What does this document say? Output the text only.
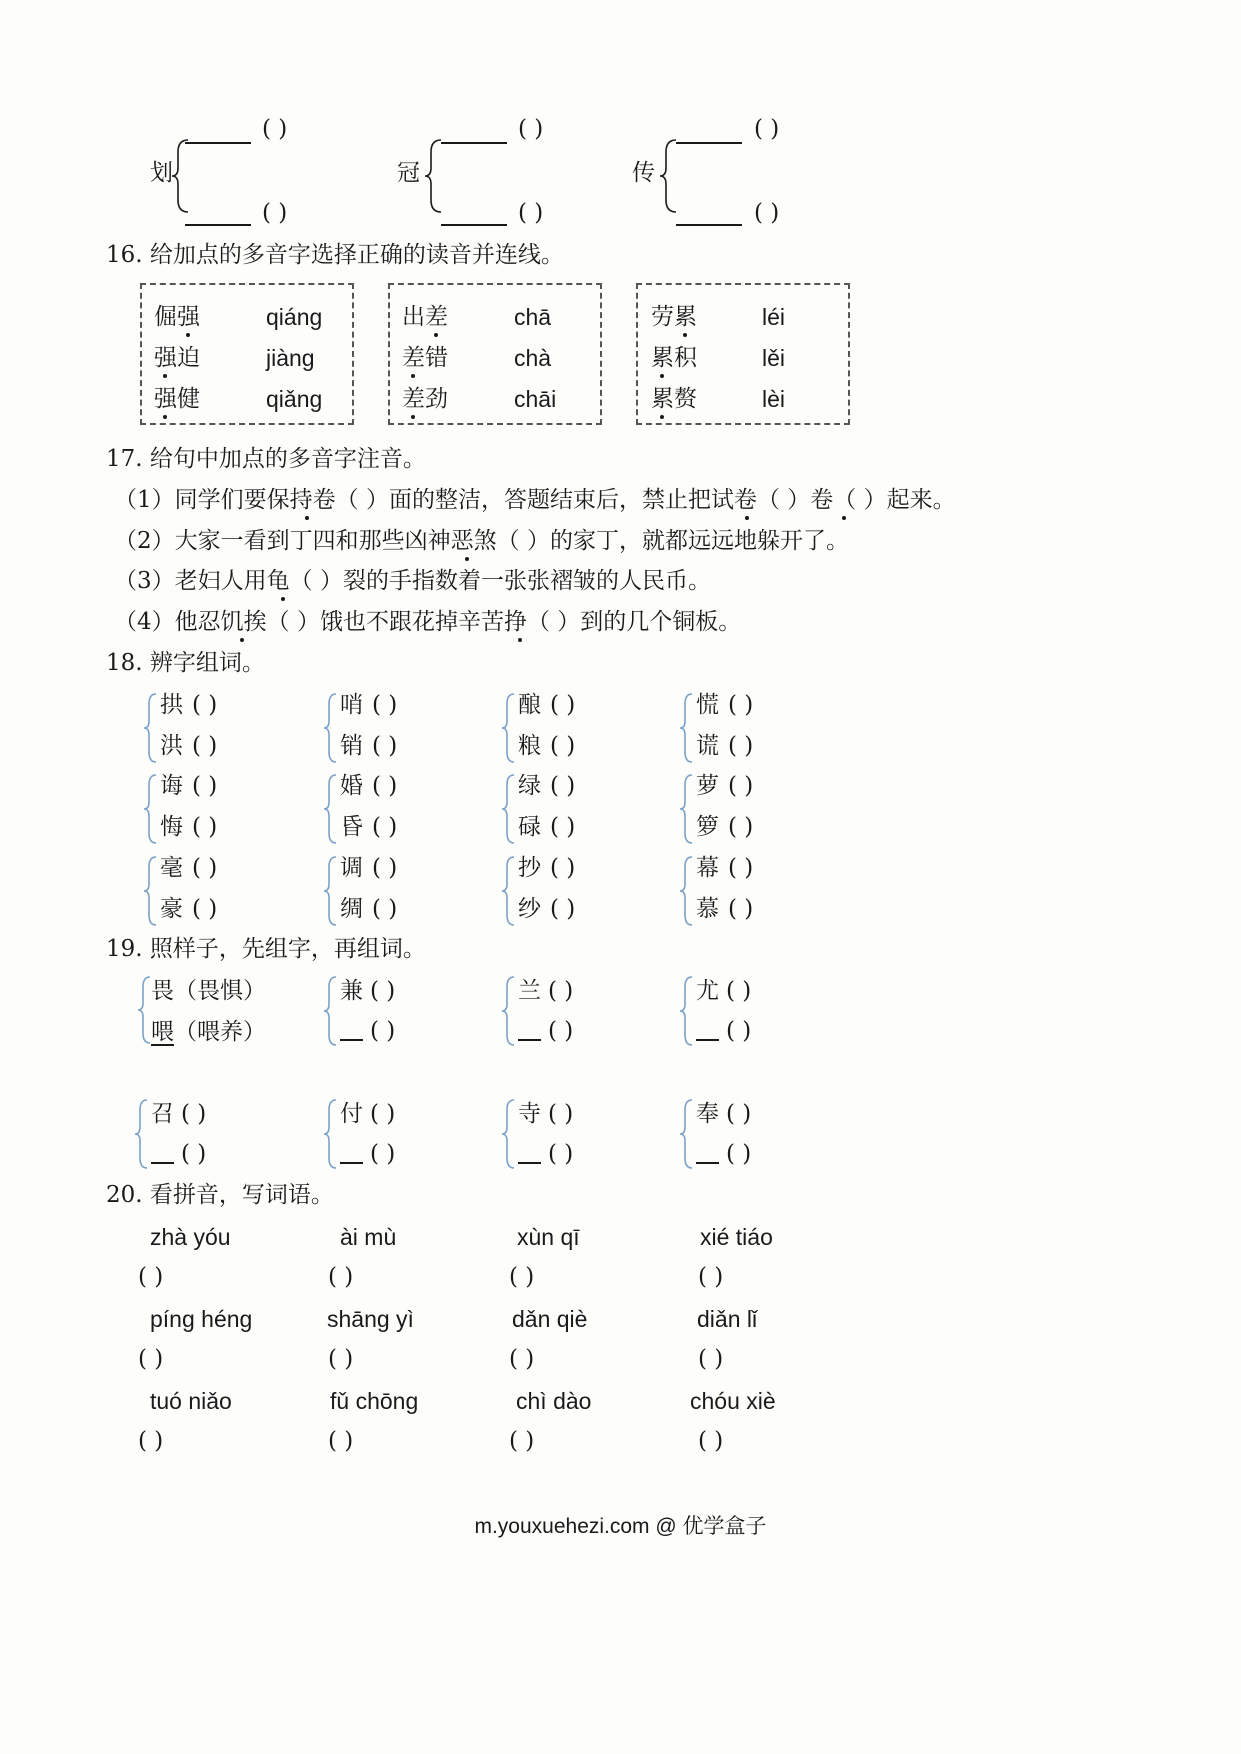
划
( )
( )
冠
( )
( )
传
( )
( )
16. 给加点的多音字选择正确的读音并连线。
倔强
强迫
强健
qiáng
jiàng
qiǎng
出差
差错
差劲
chā
chà
chāi
劳累
累积
累赘
léi
lěi
lèi
17. 给句中加点的多音字注音。
（1）同学们要保持卷（ ）面的整洁，答题结束后，禁止把试卷（ ）卷（ ）起来。
（2）大家一看到丁四和那些凶神恶煞（ ）的家丁，就都远远地躲开了。
（3）老妇人用龟（ ）裂的手指数着一张张褶皱的人民币。
（4）他忍饥挨（ ）饿也不跟花掉辛苦挣（ ）到的几个铜板。
18. 辨字组词。
拱
洪
( )
( )
哨
销
( )
( )
酿
粮
( )
( )
慌
谎
( )
( )
诲
悔
( )
( )
婚
昏
( )
( )
绿
碌
( )
( )
萝
箩
( )
( )
毫
豪
( )
( )
调
绸
( )
( )
抄
纱
( )
( )
幕
慕
( )
( )
19. 照样子，先组字，再组词。
畏（畏惧）
喂（喂养）
兼 ( )
( )
兰 ( )
( )
尤 ( )
( )
召 ( )
( )
付 ( )
( )
寺 ( )
( )
奉 ( )
( )
20. 看拼音，写词语。
zhà yóu
( )
ài mù
( )
xùn qī
( )
xié tiáo
( )
píng héng
( )
shāng yì
( )
dǎn qiè
( )
diǎn lǐ
( )
tuó niǎo
( )
fǔ chōng
( )
chì dào
( )
chóu xiè
( )
m.youxuehezi.com @ 优学盒子
